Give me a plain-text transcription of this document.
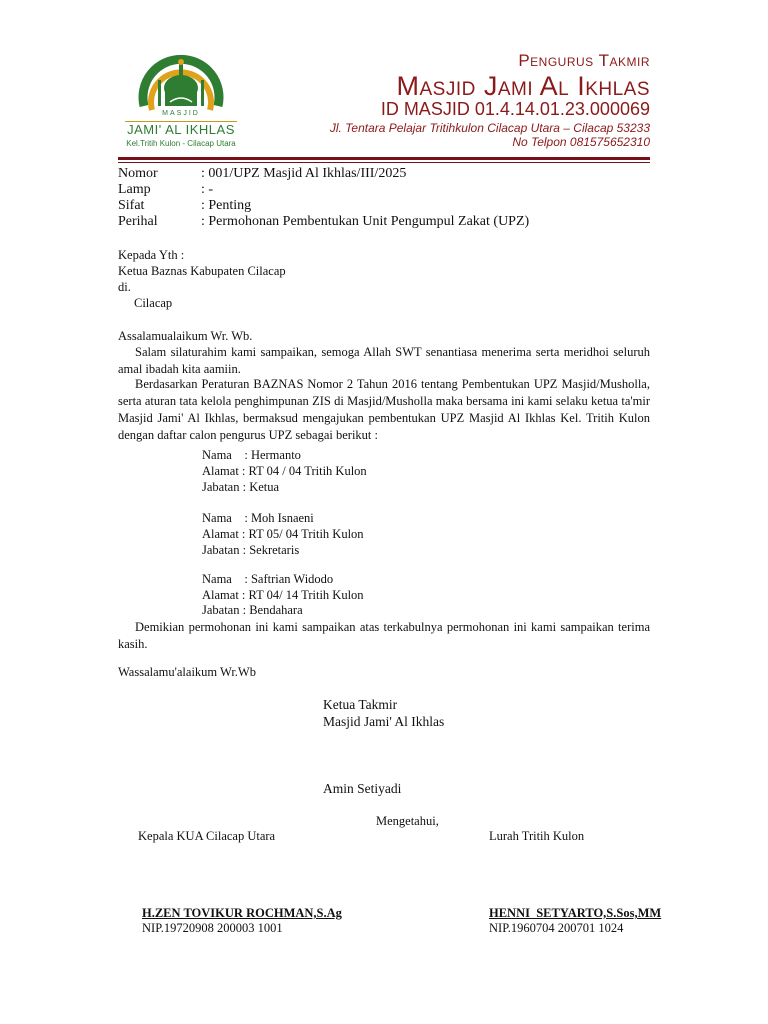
MASJID
JAMI' AL IKHLAS
Kel.Tritih Kulon - Cilacap Utara
Pengurus Takmir
Masjid Jami Al Ikhlas
ID MASJID 01.4.14.01.23.000069
Jl. Tentara Pelajar Tritihkulon Cilacap Utara – Cilacap 53233
No Telpon 081575652310
Nomor	: 001/UPZ Masjid Al Ikhlas/III/2025
Lamp	: -
Sifat	: Penting
Perihal	: Permohonan Pembentukan Unit Pengumpul Zakat (UPZ)
Kepada Yth :
Ketua Baznas Kabupaten Cilacap
di.
Cilacap
Assalamualaikum Wr. Wb.
Salam silaturahim kami sampaikan, semoga Allah SWT senantiasa menerima serta meridhoi seluruh amal ibadah kita aamiin.
Berdasarkan Peraturan BAZNAS Nomor 2 Tahun 2016 tentang Pembentukan UPZ Masjid/Musholla, serta aturan tata kelola penghimpunan ZIS di Masjid/Musholla maka bersama ini kami selaku ketua ta'mir Masjid Jami' Al Ikhlas, bermaksud mengajukan pembentukan UPZ Masjid Al Ikhlas Kel. Tritih Kulon dengan daftar calon pengurus UPZ sebagai berikut :
Nama    : Hermanto
Alamat : RT 04 / 04 Tritih Kulon
Jabatan : Ketua
Nama    : Moh Isnaeni
Alamat : RT 05/ 04 Tritih Kulon
Jabatan : Sekretaris
Nama    : Saftrian Widodo
Alamat : RT 04/ 14 Tritih Kulon
Jabatan : Bendahara
Demikian permohonan ini kami sampaikan atas terkabulnya permohonan ini kami sampaikan terima kasih.
Wassalamu'alaikum Wr.Wb
Ketua Takmir
Masjid Jami' Al Ikhlas
Amin Setiyadi
Mengetahui,
Kepala KUA Cilacap Utara	Lurah Tritih Kulon
H.ZEN TOVIKUR ROCHMAN,S.Ag
NIP.19720908 200003 1001
HENNI  SETYARTO,S.Sos,MM
NIP.1960704 200701 1024
